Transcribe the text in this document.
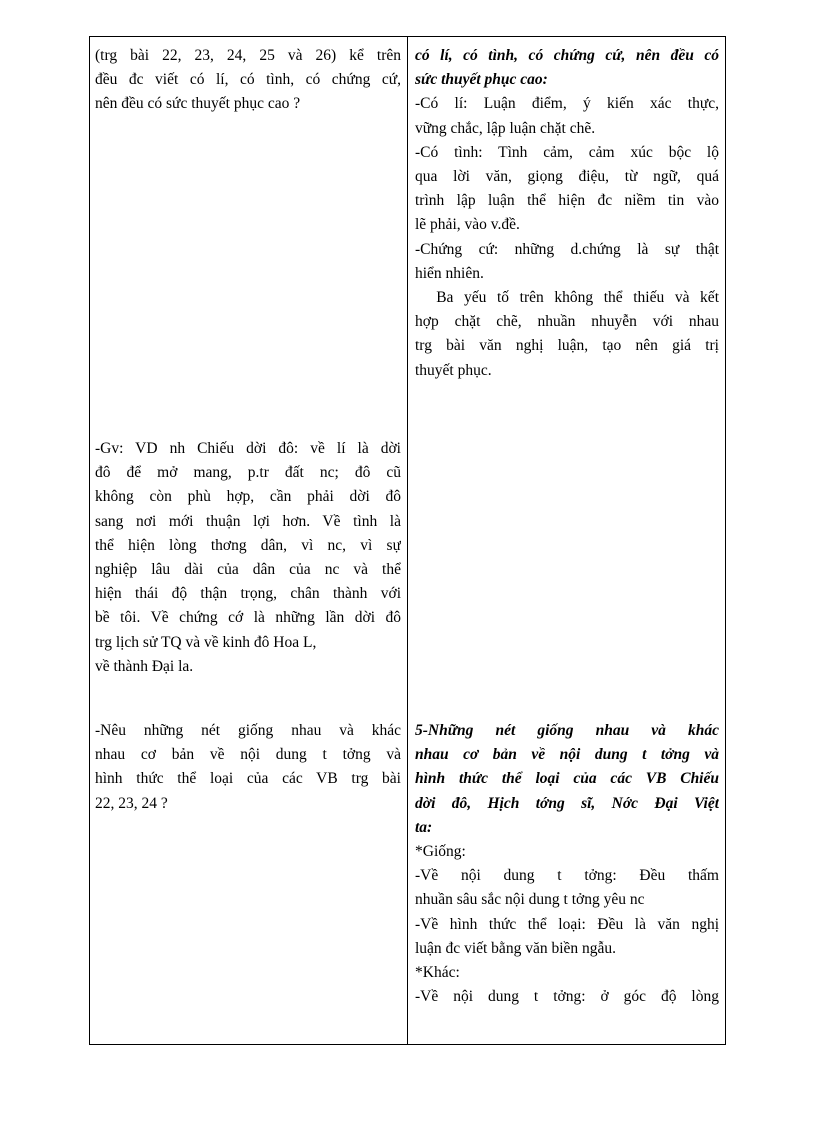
(trg bài 22, 23, 24, 25 và 26) kể trên
đều đc viết có lí, có tình, có chứng cứ,
nên đều có sức thuyết phục cao ?
-Gv: VD nh Chiếu dời đô: về lí là dời
đô để mở mang, p.tr đất nc; đô cũ
không còn phù hợp, cần phải dời đô
sang nơi mới thuận lợi hơn. Về tình là
thể hiện lòng thơng dân, vì nc, vì sự
nghiệp lâu dài của dân của nc và thể
hiện thái độ thận trọng, chân thành với
bề tôi. Về chứng cớ là những lần dời đô
trg lịch sử TQ và về kinh đô Hoa L,
về thành Đại la.
-Nêu những nét giống nhau và khác
nhau cơ bản về nội dung t tởng và
hình thức thể loại của các VB trg bài
22, 23, 24 ?
có lí, có tình, có chứng cứ, nên đều có
sức thuyết phục cao:
-Có lí: Luận điểm, ý kiến xác thực,
vững chắc, lập luận chặt chẽ.
-Có tình: Tình cảm, cảm xúc bộc lộ
qua lời văn, giọng điệu, từ ngữ, quá
trình lập luận thể hiện đc niềm tin vào
lẽ phải, vào v.đề.
-Chứng cứ: những d.chứng là sự thật
hiển nhiên.
Ba yếu tố trên không thể thiếu và kết
hợp chặt chẽ, nhuần nhuyễn với nhau
trg bài văn nghị luận, tạo nên giá trị
thuyết phục.
5-Những nét giống nhau và khác
nhau cơ bản về nội dung t tởng và
hình thức thể loại của các VB Chiếu
dời đô, Hịch tớng sĩ, Nớc Đại Việt
ta:
*Giống:
-Về nội dung t tởng: Đều thấm
nhuần sâu sắc nội dung t tởng yêu nc
-Về hình thức thể loại: Đều là văn nghị
luận đc viết bằng văn biền ngẫu.
*Khác:
-Về nội dung t tởng: ở góc độ lòng
